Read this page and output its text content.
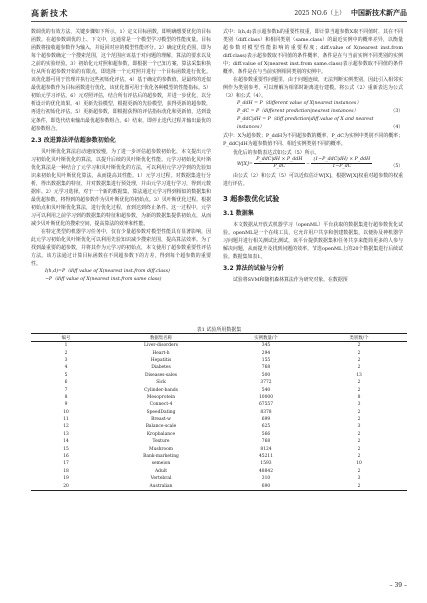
高新技术	2025 NO.6（上） 中国新技术新产品

数调优的有效方法，关键步骤如下所示。1）定义目标函数，即明确想要优化的目标函数。在超参数调优的上、下文中，这通常是一个模型学习模型的性能度量。目标函数将接收超参数作为输入，并返回对应的模型性能评分。2）确定优化范围，即为每个超参数确定一个搜索范围，这个范围应该基于对问题的理解，算法的要求以及之前的实验经验。3）初始化元对照和超参数，即根据一个已知方案，算法采集和执行从所有超参数开始的有限点，即选择一个元对照并进行一个目标函数进行优化。该优化器可用于管理并执行这些初始化评估。4）基于确定的参数值，是最终的近似最优超参数作为目标函数进行优化，该优化器可用于优化各种模型的性能指标。5）初始元学习评估。6）元对照评估，结合所有评估后的超参数，并进一步优化，以分析设计的优化效果。4）更新先验模型，根据更新的先验模型，获得更新的超参数，再进行初始化评估。5）更新超参数，即根据获得的评估指标优化和更新值，达到设定条件，即迭代结束输出最优超参数组合。6）结束，即停止迭代过程并输出最优的超参数组合。

2.3 改进算法评估超参数初始化

贝叶斯优化算法启动速度较慢，为了进一步评估超参数初始化，本文提出元学习初始化贝叶斯优化的算法，以提升后续的贝叶斯优化性能。元学习初始化贝叶斯优化算法是一种结合了元学习和贝叶斯优化的方法，可以利用元学习学到的先验知识来初始化贝叶斯优化算法，从而提高其性能。1）元学习过程。对数据集进行分析，得出数据集的特征，并对数据集进行预处理，并由元学习进行学习，得到元数据库。2）元学习选择。对于一个新的数据集，算法通过元学习得到相似的数据集和最优超参数，将得到的超参数作为贝叶斯优化的初始点。3）贝叶斯优化过程。根据初始点和贝叶斯优化算法，进行优化过程，直到达到终止条件。这一过程中，元学习可以利用之前学习到的数据集的特征和超参数，为新的数据集提供初始点，从而减少贝叶斯优化的搜索空间，提高算法的效率和性能。

在特定类型的机器学习任务中，仅有少量超参数对模型性能具有显著影响，因此元学习初始化贝叶斯优化可以利用先验知识减少搜索范围，提高算法效率。为了找到最重要的超参数，并将其作为元学习的初始点，本文使用了超参数重要性评估方法。该方法通过计算目标函数在不同超参数下的方差，得到每个超参数的重要性。

I(h,d)=P（diff value of X(nearest inst.from diff.class)
−P（diff value of X(nearest inst.from same class)

式中：I(h,d)表示超参数h的重要性权重，即计算当超参数X取不同值时，其在不同类别（diff.class）和相同类别（same.class）的最近实例中的概率差异，以衡量超参数对模型性能影响的重要程度；diff.value of X(nearest inst.from diff.class)表示超参数取不同值的条件概率，条件是在与当前实例不同类别的实例中；diff.value of X(nearest inst.from same.class)表示超参数取不同值的条件概率，条件是在与当前实例相同类别的实例中。

在超参数重要性问题里，由于问题连续，无法判断实例类别，因此引入相邻实例作为类别参考，可以理解为相邻时距离进行建模。将公式（2）重新表达为公式（3）和公式（4）。

P_ddH = P（different value of X|nearest instances）
P_dC = P（different prediction|nearest instances）	（3）
P_ddC|dH = P（diff.prediction|diff.value of X and nearest
instances）	（4）

式中：X为超参数；P_ddH为不同超参数的概率，P_dC为实例中类别不同的概率；P_ddC|dH为超参数值不同、相近实例类别不同的概率。

优化后的参数表达式如公式（5）所示。

$W[X]= \frac{\text{P\_ddC|dH × P\_ddH}}{P\_dC} - \frac{\text{(1−P\_ddC|dH) × P\_ddH}}{1-P\_dC}$	（5）

由公式（2）和公式（5）可以近似估计W[X]，根据W[X]权重对超参数的权重进行评估。

3 超参数优化试验
3.1 数据集

本文数据从开放式机器学习（openML）平台获取的数据集进行超参数优化试验。openML是一个在线工具，它允许用户共享和创建数据集，以便协及神机器学习问题并进行相关测试比测试。该平台提供数据集和任务共享来能简更多的人参与解决问题，从而提升及找到问题的效率。节选openML上的20个数据集进行后续试验。数据集如表1。

3.2 算法的试验与分析

试验将SVM和随机森林算法作为研究对象。在数据预

表1 试验所用数据集
编号	数据集名称	实例数量/个	类别数/个
1	Liver-disorders	345	2
2	Heart-h	294	2
3	Hepatitis	155	2
4	Diabetes	768	2
5	Diseases-sales	500	13
6	Sick	3772	2
7	Cylinder-bands	540	2
8	Mesoprotein	10000	8
9	Connect-4	67557	3
10	SpeedDating	8378	2
11	Breast-w	699	2
12	Balance-scale	625	3
13	Kropbalance	566	2
14	Texture	768	2
15	Mushroom	8124	2
16	Bank-marketing	45211	2
17	semeion	1593	10
18	Adult	48842	2
19	Vertebral	310	3
20	Australian	690	2
– 39 –
